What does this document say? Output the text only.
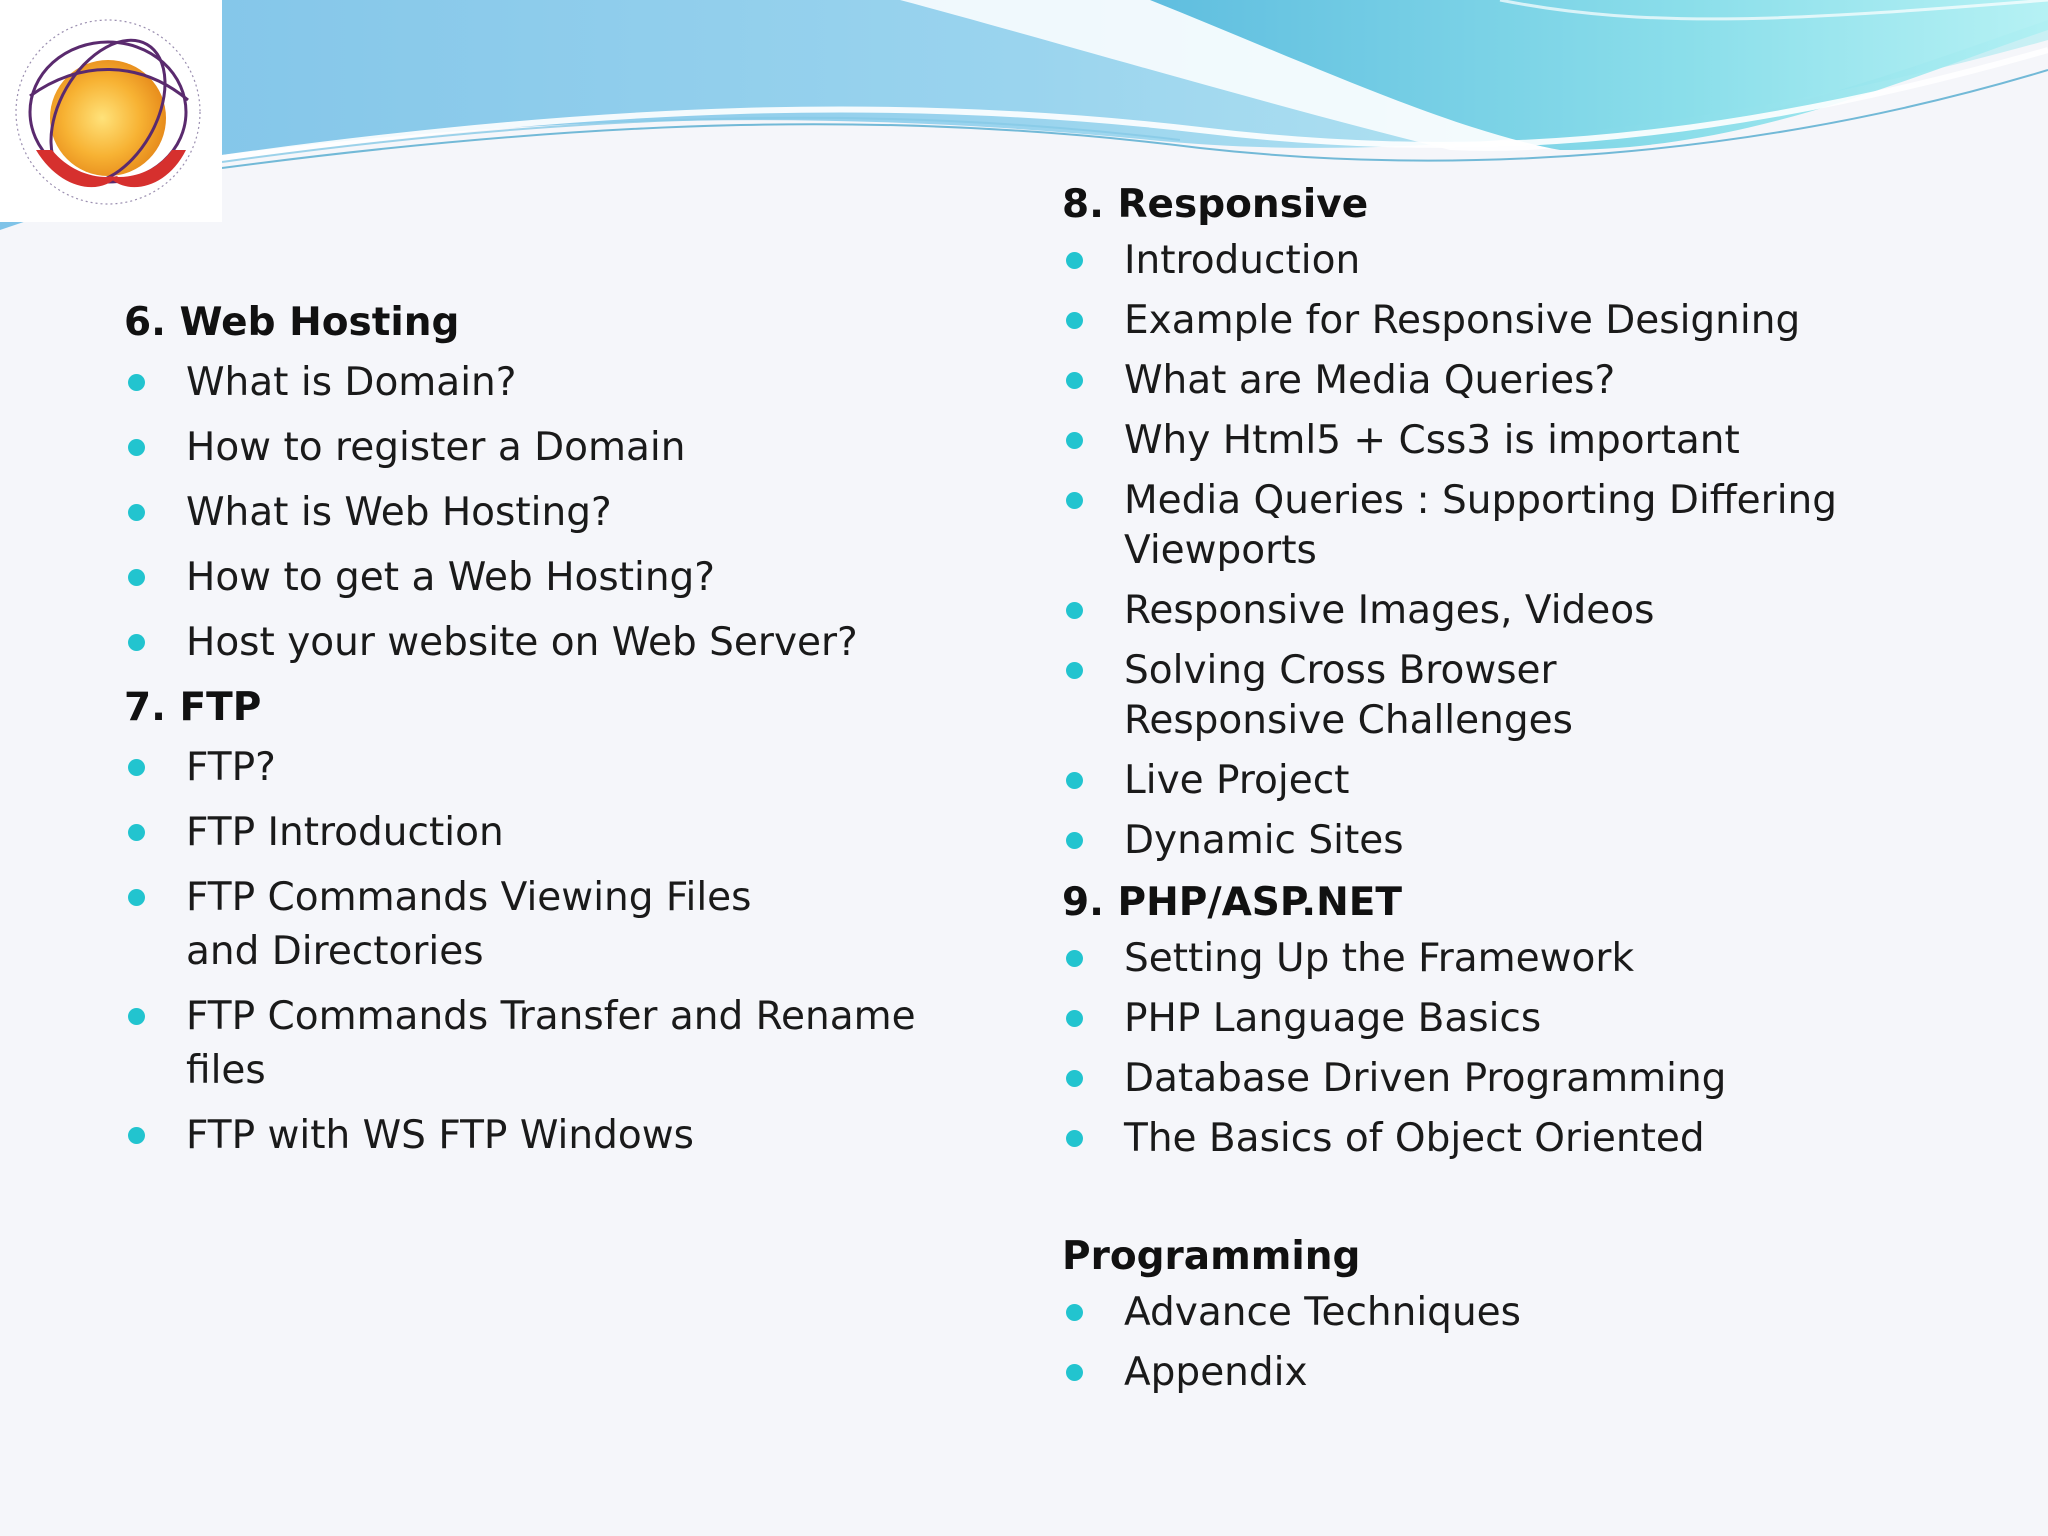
6. Web Hosting
What is Domain?
How to register a Domain
What is Web Hosting?
How to get a Web Hosting?
Host your website on Web Server?
7. FTP
FTP?
FTP Introduction
FTP Commands Viewing Files and Directories
FTP Commands Transfer and Rename files
FTP with WS FTP Windows
8. Responsive
Introduction
Example for Responsive Designing
What are Media Queries?
Why Html5 + Css3 is important
Media Queries : Supporting Differing Viewports
Responsive Images, Videos
Solving Cross Browser Responsive Challenges
Live Project
Dynamic Sites
9. PHP/ASP.NET
Setting Up the Framework
PHP Language Basics
Database Driven Programming
The Basics of Object Oriented
Programming
Advance Techniques
Appendix
